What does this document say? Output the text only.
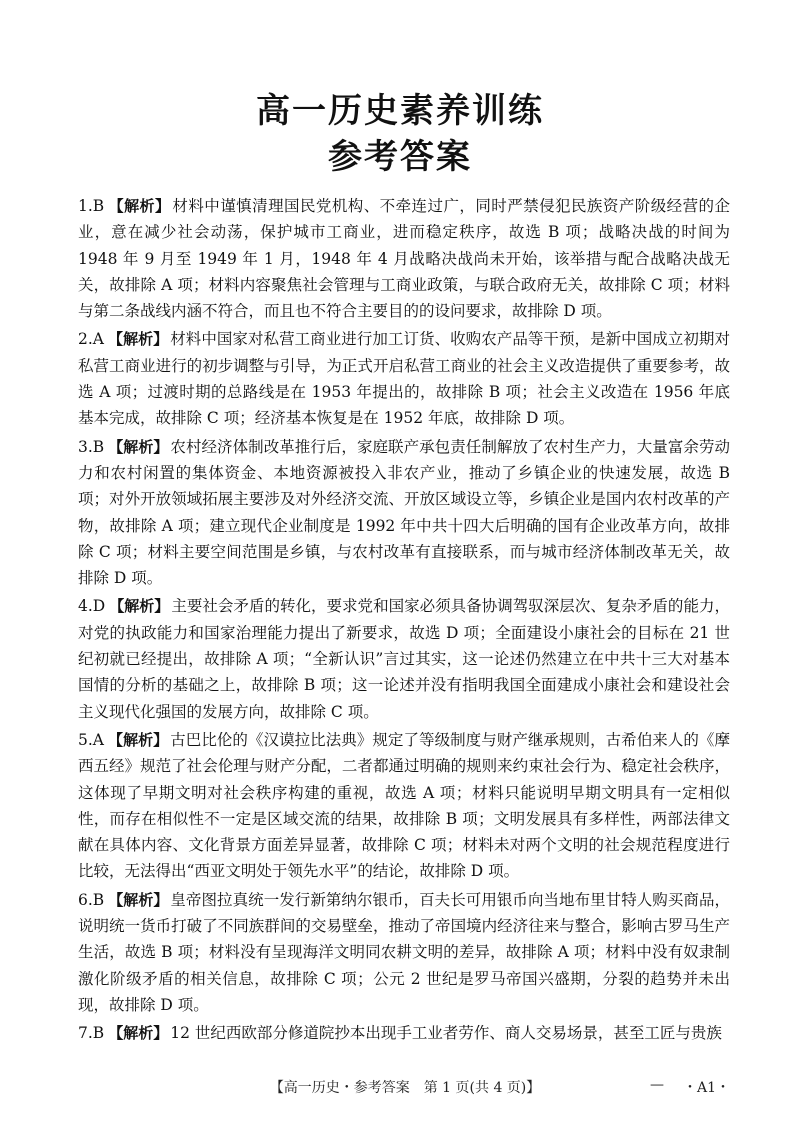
高一历史素养训练
参考答案
1.B 【解析】 材料中谨慎清理国民党机构、不牵连过广，同时严禁侵犯民族资产阶级经营的企业，意在减少社会动荡，保护城市工商业，进而稳定秩序，故选 B 项；战略决战的时间为 1948 年 9 月至 1949 年 1 月，1948 年 4 月战略决战尚未开始，该举措与配合战略决战无关，故排除 A 项；材料内容聚焦社会管理与工商业政策，与联合政府无关，故排除 C 项；材料与第二条战线内涵不符合，而且也不符合主要目的的设问要求，故排除 D 项。
2.A 【解析】 材料中国家对私营工商业进行加工订货、收购农产品等干预，是新中国成立初期对私营工商业进行的初步调整与引导，为正式开启私营工商业的社会主义改造提供了重要参考，故选 A 项；过渡时期的总路线是在 1953 年提出的，故排除 B 项；社会主义改造在 1956 年底基本完成，故排除 C 项；经济基本恢复是在 1952 年底，故排除 D 项。
3.B 【解析】 农村经济体制改革推行后，家庭联产承包责任制解放了农村生产力，大量富余劳动力和农村闲置的集体资金、本地资源被投入非农产业，推动了乡镇企业的快速发展，故选 B 项；对外开放领域拓展主要涉及对外经济交流、开放区域设立等，乡镇企业是国内农村改革的产物，故排除 A 项；建立现代企业制度是 1992 年中共十四大后明确的国有企业改革方向，故排除 C 项；材料主要空间范围是乡镇，与农村改革有直接联系，而与城市经济体制改革无关，故排除 D 项。
4.D 【解析】 主要社会矛盾的转化，要求党和国家必须具备协调驾驭深层次、复杂矛盾的能力，对党的执政能力和国家治理能力提出了新要求，故选 D 项；全面建设小康社会的目标在 21 世纪初就已经提出，故排除 A 项；“全新认识”言过其实，这一论述仍然建立在中共十三大对基本国情的分析的基础之上，故排除 B 项；这一论述并没有指明我国全面建成小康社会和建设社会主义现代化强国的发展方向，故排除 C 项。
5.A 【解析】 古巴比伦的《汉谟拉比法典》规定了等级制度与财产继承规则，古希伯来人的《摩西五经》规范了社会伦理与财产分配，二者都通过明确的规则来约束社会行为、稳定社会秩序，这体现了早期文明对社会秩序构建的重视，故选 A 项；材料只能说明早期文明具有一定相似性，而存在相似性不一定是区域交流的结果，故排除 B 项；文明发展具有多样性，两部法律文献在具体内容、文化背景方面差异显著，故排除 C 项；材料未对两个文明的社会规范程度进行比较，无法得出“西亚文明处于领先水平”的结论，故排除 D 项。
6.B 【解析】 皇帝图拉真统一发行新第纳尔银币，百夫长可用银币向当地布里甘特人购买商品，说明统一货币打破了不同族群间的交易壁垒，推动了帝国境内经济往来与整合，影响古罗马生产生活，故选 B 项；材料没有呈现海洋文明同农耕文明的差异，故排除 A 项；材料中没有奴隶制激化阶级矛盾的相关信息，故排除 C 项；公元 2 世纪是罗马帝国兴盛期，分裂的趋势并未出现，故排除 D 项。
7.B 【解析】 12 世纪西欧部分修道院抄本出现手工业者劳作、商人交易场景，甚至工匠与贵族
【高一历史・参考答案　第 1 页(共 4 页)】	— ・A1・
